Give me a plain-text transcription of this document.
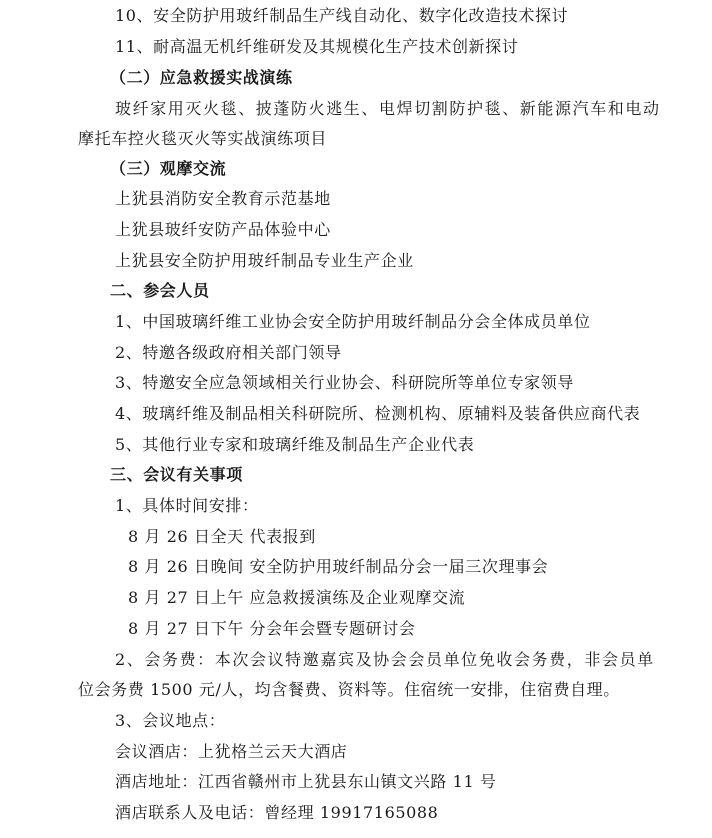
10、安全防护用玻纤制品生产线自动化、数字化改造技术探讨
11、耐高温无机纤维研发及其规模化生产技术创新探讨
（二）应急救援实战演练
玻纤家用灭火毯、披蓬防火逃生、电焊切割防护毯、新能源汽车和电动
摩托车控火毯灭火等实战演练项目
（三）观摩交流
上犹县消防安全教育示范基地
上犹县玻纤安防产品体验中心
上犹县安全防护用玻纤制品专业生产企业
二、参会人员
1、中国玻璃纤维工业协会安全防护用玻纤制品分会全体成员单位
2、特邀各级政府相关部门领导
3、特邀安全应急领域相关行业协会、科研院所等单位专家领导
4、玻璃纤维及制品相关科研院所、检测机构、原辅料及装备供应商代表
5、其他行业专家和玻璃纤维及制品生产企业代表
三、会议有关事项
1、具体时间安排：
8 月 26 日全天 代表报到
8 月 26 日晚间 安全防护用玻纤制品分会一届三次理事会
8 月 27 日上午 应急救援演练及企业观摩交流
8 月 27 日下午 分会年会暨专题研讨会
2、会务费：本次会议特邀嘉宾及协会会员单位免收会务费，非会员单
位会务费 1500 元/人，均含餐费、资料等。住宿统一安排，住宿费自理。
3、会议地点：
会议酒店：上犹格兰云天大酒店
酒店地址：江西省赣州市上犹县东山镇文兴路 11 号
酒店联系人及电话：曾经理 19917165088
